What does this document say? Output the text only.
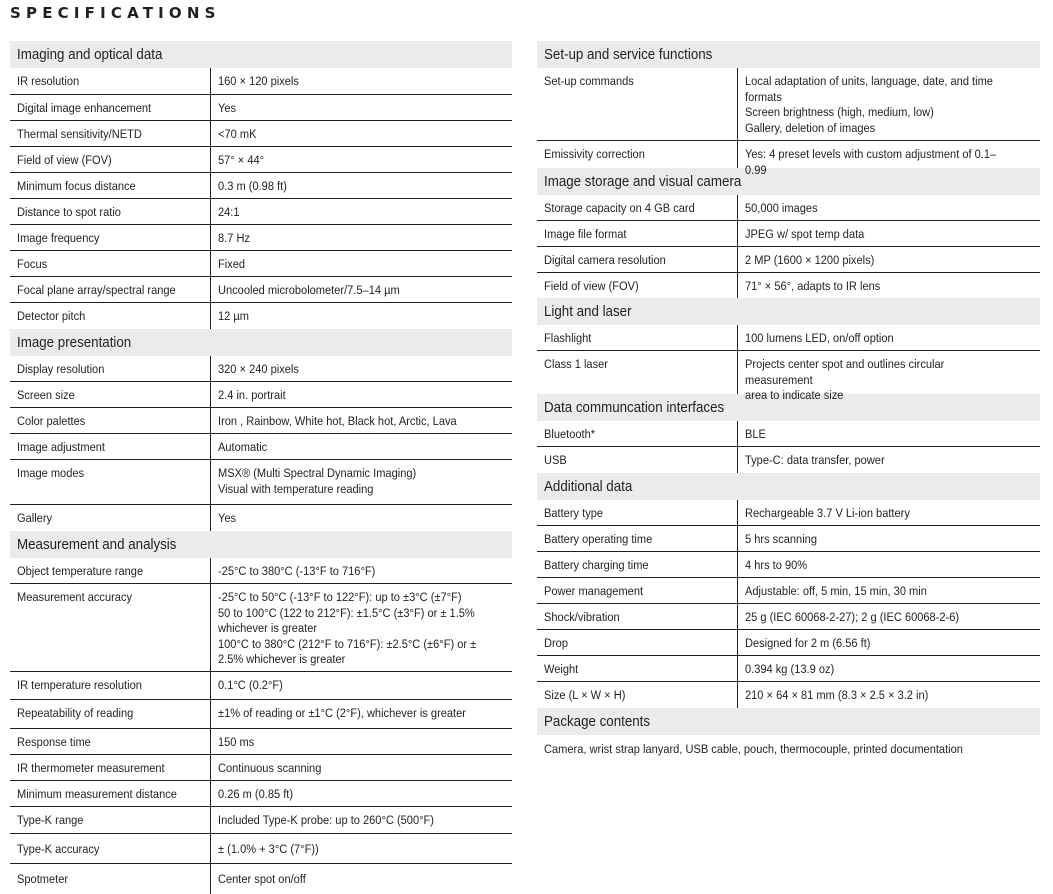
SPECIFICATIONS
Imaging and optical data
IR resolution	160 × 120 pixels
Digital image enhancement	Yes
Thermal sensitivity/NETD	<70 mK
Field of view (FOV)	57° × 44°
Minimum focus distance	0.3 m (0.98 ft)
Distance to spot ratio	24:1
Image frequency	8.7 Hz
Focus	Fixed
Focal plane array/spectral range	Uncooled microbolometer/7.5–14 µm
Detector pitch	12 µm
Image presentation
Display resolution	320 × 240 pixels
Screen size	2.4 in. portrait
Color palettes	Iron , Rainbow, White hot, Black hot, Arctic, Lava
Image adjustment	Automatic
Image modes	MSX® (Multi Spectral Dynamic Imaging)
Visual with temperature reading
Gallery	Yes
Measurement and analysis
Object temperature range	-25°C to 380°C (-13°F to 716°F)
Measurement accuracy	-25°C to 50°C (-13°F to 122°F): up to ±3°C (±7°F)
50 to 100°C (122 to 212°F): ±1.5°C (±3°F) or ± 1.5%
whichever is greater
100°C to 380°C (212°F to 716°F): ±2.5°C (±6°F) or ±
2.5% whichever is greater
IR temperature resolution	0.1°C (0.2°F)
Repeatability of reading	±1% of reading or ±1°C (2°F), whichever is greater
Response time	150 ms
IR thermometer measurement	Continuous scanning
Minimum measurement distance	0.26 m (0.85 ft)
Type-K range	Included Type-K probe: up to 260°C (500°F)
Type-K accuracy	± (1.0% + 3°C (7°F))
Spotmeter	Center spot on/off
Set-up and service functions
Set-up commands	Local adaptation of units, language, date, and time
formats
Screen brightness (high, medium, low)
Gallery, deletion of images
Emissivity correction	Yes: 4 preset levels with custom adjustment of 0.1–0.99
Image storage and visual camera
Storage capacity on 4 GB card	50,000 images
Image file format	JPEG w/ spot temp data
Digital camera resolution	2 MP (1600 × 1200 pixels)
Field of view (FOV)	71° × 56°, adapts to IR lens
Light and laser
Flashlight	100 lumens LED, on/off option
Class 1 laser	Projects center spot and outlines circular measurement
area to indicate size
Data communcation interfaces
Bluetooth*	BLE
USB	Type-C: data transfer, power
Additional data
Battery type	Rechargeable 3.7 V Li-ion battery
Battery operating time	5 hrs scanning
Battery charging time	4 hrs to 90%
Power management	Adjustable: off, 5 min, 15 min, 30 min
Shock/vibration	25 g (IEC 60068-2-27); 2 g (IEC 60068-2-6)
Drop	Designed for 2 m (6.56 ft)
Weight	0.394 kg (13.9 oz)
Size (L × W × H)	210 × 64 × 81 mm (8.3 × 2.5 × 3.2 in)
Package contents
Camera, wrist strap lanyard, USB cable, pouch, thermocouple, printed documentation
